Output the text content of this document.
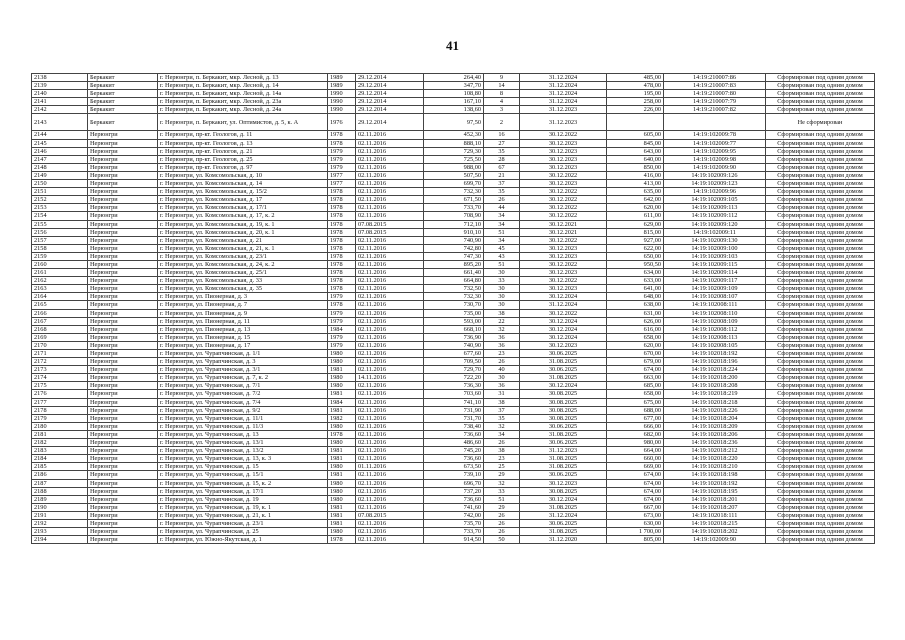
41
2138	Беркакит	г. Нерюнгри, п. Беркакит, мкр. Лесной, д. 13	1989	29.12.2014	264,40	9	31.12.2024	485,00	14:19:210007:86	Сформирован под одним домом
2139	Беркакит	г. Нерюнгри, п. Беркакит, мкр. Лесной, д. 14	1989	29.12.2014	347,70	14	31.12.2024	478,00	14:19:210007:83	Сформирован под одним домом
2140	Беркакит	г. Нерюнгри, п. Беркакит, мкр. Лесной, д. 14а	1990	29.12.2014	108,80	8	31.12.2024	195,00	14:19:210007:80	Сформирован под одним домом
2141	Беркакит	г. Нерюнгри, п. Беркакит, мкр. Лесной, д. 23а	1990	29.12.2014	167,10	4	31.12.2024	258,00	14:19:210007:79	Сформирован под одним домом
2142	Беркакит	г. Нерюнгри, п. Беркакит, мкр. Лесной, д. 24а	1990	29.12.2014	138,60	3	31.12.2023	226,00	14:19:210007:82	Сформирован под одним домом
2143	Беркакит	г. Нерюнгри, п. Беркакит, ул. Оптимистов, д. 5, к. А	1976	29.12.2014	97,50	2	31.12.2023			Не сформирован
2144	Нерюнгри	г. Нерюнгри, пр-кт. Геологов, д. 11	1978	02.11.2016	452,30	16	30.12.2022	605,00	14:19:102009:78	Сформирован под одним домом
2145	Нерюнгри	г. Нерюнгри, пр-кт. Геологов, д. 13	1978	02.11.2016	888,10	27	30.12.2023	845,00	14:19:102009:77	Сформирован под одним домом
2146	Нерюнгри	г. Нерюнгри, пр-кт. Геологов, д. 21	1979	02.11.2016	729,30	35	30.12.2023	643,00	14:19:102009:95	Сформирован под одним домом
2147	Нерюнгри	г. Нерюнгри, пр-кт. Геологов, д. 25	1979	02.11.2016	725,50	28	30.12.2023	640,00	14:19:102009:98	Сформирован под одним домом
2148	Нерюнгри	г. Нерюнгри, пр-кт. Геологов, д. 97	1979	02.11.2016	988,00	67	30.12.2023	850,00	14:19:102009:90	Сформирован под одним домом
2149	Нерюнгри	г. Нерюнгри, ул. Комсомольская, д. 10	1977	02.11.2016	507,50	21	30.12.2022	416,00	14:19:102009:126	Сформирован под одним домом
2150	Нерюнгри	г. Нерюнгри, ул. Комсомольская, д. 14	1977	02.11.2016	699,70	37	30.12.2023	413,00	14:19:102009:123	Сформирован под одним домом
2151	Нерюнгри	г. Нерюнгри, ул. Комсомольская, д. 15/2	1978	02.11.2016	732,30	35	30.12.2022	635,00	14:19:102009:96	Сформирован под одним домом
2152	Нерюнгри	г. Нерюнгри, ул. Комсомольская, д. 17	1978	02.11.2016	671,50	26	30.12.2022	642,00	14:19:102009:105	Сформирован под одним домом
2153	Нерюнгри	г. Нерюнгри, ул. Комсомольская, д. 17/1	1978	02.11.2016	733,70	44	30.12.2022	620,00	14:19:102009:113	Сформирован под одним домом
2154	Нерюнгри	г. Нерюнгри, ул. Комсомольская, д. 17, к. 2	1978	02.11.2016	708,90	34	30.12.2022	611,00	14:19:102009:112	Сформирован под одним домом
2155	Нерюнгри	г. Нерюнгри, ул. Комсомольская, д. 19, к. 1	1978	07.08.2015	712,10	34	30.12.2021	629,00	14:19:102009:120	Сформирован под одним домом
2156	Нерюнгри	г. Нерюнгри, ул. Комсомольская, д. 20, к. 1	1978	07.08.2015	910,10	51	30.12.2021	815,00	14:19:102009:11	Сформирован под одним домом
2157	Нерюнгри	г. Нерюнгри, ул. Комсомольская, д. 21	1978	02.11.2016	740,90	34	30.12.2022	927,00	14:19:102009:130	Сформирован под одним домом
2158	Нерюнгри	г. Нерюнгри, ул. Комсомольская, д. 21, к. 1	1978	02.11.2016	742,80	45	30.12.2023	622,00	14:19:102009:100	Сформирован под одним домом
2159	Нерюнгри	г. Нерюнгри, ул. Комсомольская, д. 23/1	1978	02.11.2016	747,30	43	30.12.2023	650,00	14:19:102009:103	Сформирован под одним домом
2160	Нерюнгри	г. Нерюнгри, ул. Комсомольская, д. 24, к. 2	1978	02.11.2016	895,20	51	30.12.2022	950,50	14:19:102009:115	Сформирован под одним домом
2161	Нерюнгри	г. Нерюнгри, ул. Комсомольская, д. 25/1	1978	02.11.2016	661,40	30	30.12.2023	634,00	14:19:102009:114	Сформирован под одним домом
2162	Нерюнгри	г. Нерюнгри, ул. Комсомольская, д. 33	1978	02.11.2016	664,80	33	30.12.2022	633,00	14:19:102009:117	Сформирован под одним домом
2163	Нерюнгри	г. Нерюнгри, ул. Комсомольская, д. 35	1978	02.11.2016	732,50	30	30.12.2023	641,00	14:19:102009:109	Сформирован под одним домом
2164	Нерюнгри	г. Нерюнгри, ул. Пионерная, д. 3	1979	02.11.2016	732,30	30	30.12.2024	648,00	14:19:102008:107	Сформирован под одним домом
2165	Нерюнгри	г. Нерюнгри, ул. Пионерная, д. 7	1978	02.11.2016	730,70	30	31.12.2024	638,00	14:19:102008:111	Сформирован под одним домом
2166	Нерюнгри	г. Нерюнгри, ул. Пионерная, д. 9	1979	02.11.2016	735,00	38	30.12.2022	631,00	14:19:102008:110	Сформирован под одним домом
2167	Нерюнгри	г. Нерюнгри, ул. Пионерная, д. 11	1979	02.11.2016	593,00	22	30.12.2024	626,00	14:19:102008:109	Сформирован под одним домом
2168	Нерюнгри	г. Нерюнгри, ул. Пионерная, д. 13	1984	02.11.2016	668,10	32	30.12.2024	616,00	14:19:102008:112	Сформирован под одним домом
2169	Нерюнгри	г. Нерюнгри, ул. Пионерная, д. 15	1979	02.11.2016	736,90	36	30.12.2024	658,00	14:19:102008:113	Сформирован под одним домом
2170	Нерюнгри	г. Нерюнгри, ул. Пионерная, д. 17	1979	02.11.2016	740,90	36	30.12.2023	620,00	14:19:102008:105	Сформирован под одним домом
2171	Нерюнгри	г. Нерюнгри, ул. Чурапчинская, д. 1/1	1980	02.11.2016	677,60	23	30.06.2025	670,00	14:19:102018:192	Сформирован под одним домом
2172	Нерюнгри	г. Нерюнгри, ул. Чурапчинская, д. 3	1980	02.11.2016	709,50	26	31.08.2025	679,00	14:19:102018:196	Сформирован под одним домом
2173	Нерюнгри	г. Нерюнгри, ул. Чурапчинская, д. 3/1	1981	02.11.2016	729,70	40	30.06.2025	674,00	14:19:102018:224	Сформирован под одним домом
2174	Нерюнгри	г. Нерюнгри, ул. Чурапчинская, д. 7, к. 2	1980	14.11.2016	722,20	30	31.08.2025	663,00	14:19:102018:200	Сформирован под одним домом
2175	Нерюнгри	г. Нерюнгри, ул. Чурапчинская, д. 7/1	1980	02.11.2016	736,30	36	30.12.2024	685,00	14:19:102018:208	Сформирован под одним домом
2176	Нерюнгри	г. Нерюнгри, ул. Чурапчинская, д. 7/2	1981	02.11.2016	703,60	31	30.08.2025	658,00	14:19:102018:219	Сформирован под одним домом
2177	Нерюнгри	г. Нерюнгри, ул. Чурапчинская, д. 7/4	1984	02.11.2016	741,10	38	30.08.2025	675,00	14:19:102018:218	Сформирован под одним домом
2178	Нерюнгри	г. Нерюнгри, ул. Чурапчинская, д. 9/2	1981	02.11.2016	731,90	37	30.08.2025	688,00	14:19:102018:226	Сформирован под одним домом
2179	Нерюнгри	г. Нерюнгри, ул. Чурапчинская, д. 11/1	1982	02.11.2016	731,70	35	30.08.2025	677,00	14:19:102018:204	Сформирован под одним домом
2180	Нерюнгри	г. Нерюнгри, ул. Чурапчинская, д. 11/3	1980	02.11.2016	738,40	32	30.06.2025	666,00	14:19:102018:209	Сформирован под одним домом
2181	Нерюнгри	г. Нерюнгри, ул. Чурапчинская, д. 13	1978	02.11.2016	736,60	34	31.08.2025	682,00	14:19:102018:206	Сформирован под одним домом
2182	Нерюнгри	г. Нерюнгри, ул. Чурапчинская, д. 13/1	1980	02.11.2016	486,60	26	30.06.2025	980,00	14:19:102018:236	Сформирован под одним домом
2183	Нерюнгри	г. Нерюнгри, ул. Чурапчинская, д. 13/2	1981	02.11.2016	745,20	38	31.12.2023	664,00	14:19:102018:212	Сформирован под одним домом
2184	Нерюнгри	г. Нерюнгри, ул. Чурапчинская, д. 13, к. 3	1981	02.11.2016	736,60	23	31.08.2025	660,00	14:19:102018:220	Сформирован под одним домом
2185	Нерюнгри	г. Нерюнгри, ул. Чурапчинская, д. 15	1980	01.11.2016	673,50	25	31.08.2025	669,00	14:19:102018:210	Сформирован под одним домом
2186	Нерюнгри	г. Нерюнгри, ул. Чурапчинская, д. 15/1	1981	02.11.2016	739,10	29	30.06.2025	674,00	14:19:102018:198	Сформирован под одним домом
2187	Нерюнгри	г. Нерюнгри, ул. Чурапчинская, д. 15, к. 2	1980	02.11.2016	696,70	32	30.12.2023	674,00	14:19:102018:192	Сформирован под одним домом
2188	Нерюнгри	г. Нерюнгри, ул. Чурапчинская, д. 17/1	1980	02.11.2016	737,20	33	30.08.2025	674,00	14:19:102018:195	Сформирован под одним домом
2189	Нерюнгри	г. Нерюнгри, ул. Чурапчинская, д. 19	1980	02.11.2016	736,60	51	30.12.2024	674,00	14:19:102018:201	Сформирован под одним домом
2190	Нерюнгри	г. Нерюнгри, ул. Чурапчинская, д. 19, к. 1	1981	02.11.2016	741,60	29	31.08.2025	667,00	14:19:102018:207	Сформирован под одним домом
2191	Нерюнгри	г. Нерюнгри, ул. Чурапчинская, д. 21, к. 1	1981	07.08.2015	742,00	26	31.12.2024	673,00	14:19:102018:111	Сформирован под одним домом
2192	Нерюнгри	г. Нерюнгри, ул. Чурапчинская, д. 23/1	1981	02.11.2016	735,70	26	30.06.2025	630,00	14:19:102018:215	Сформирован под одним домом
2193	Нерюнгри	г. Нерюнгри, ул. Чурапчинская, д. 25	1980	02.11.2016	733,70	26	31.08.2025	1 700,00	14:19:102018:202	Сформирован под одним домом
2194	Нерюнгри	г. Нерюнгри, ул. Южно-Якутская, д. 1	1978	02.11.2016	914,50	50	31.12.2020	805,00	14:19:102009:90	Сформирован под одним домом
